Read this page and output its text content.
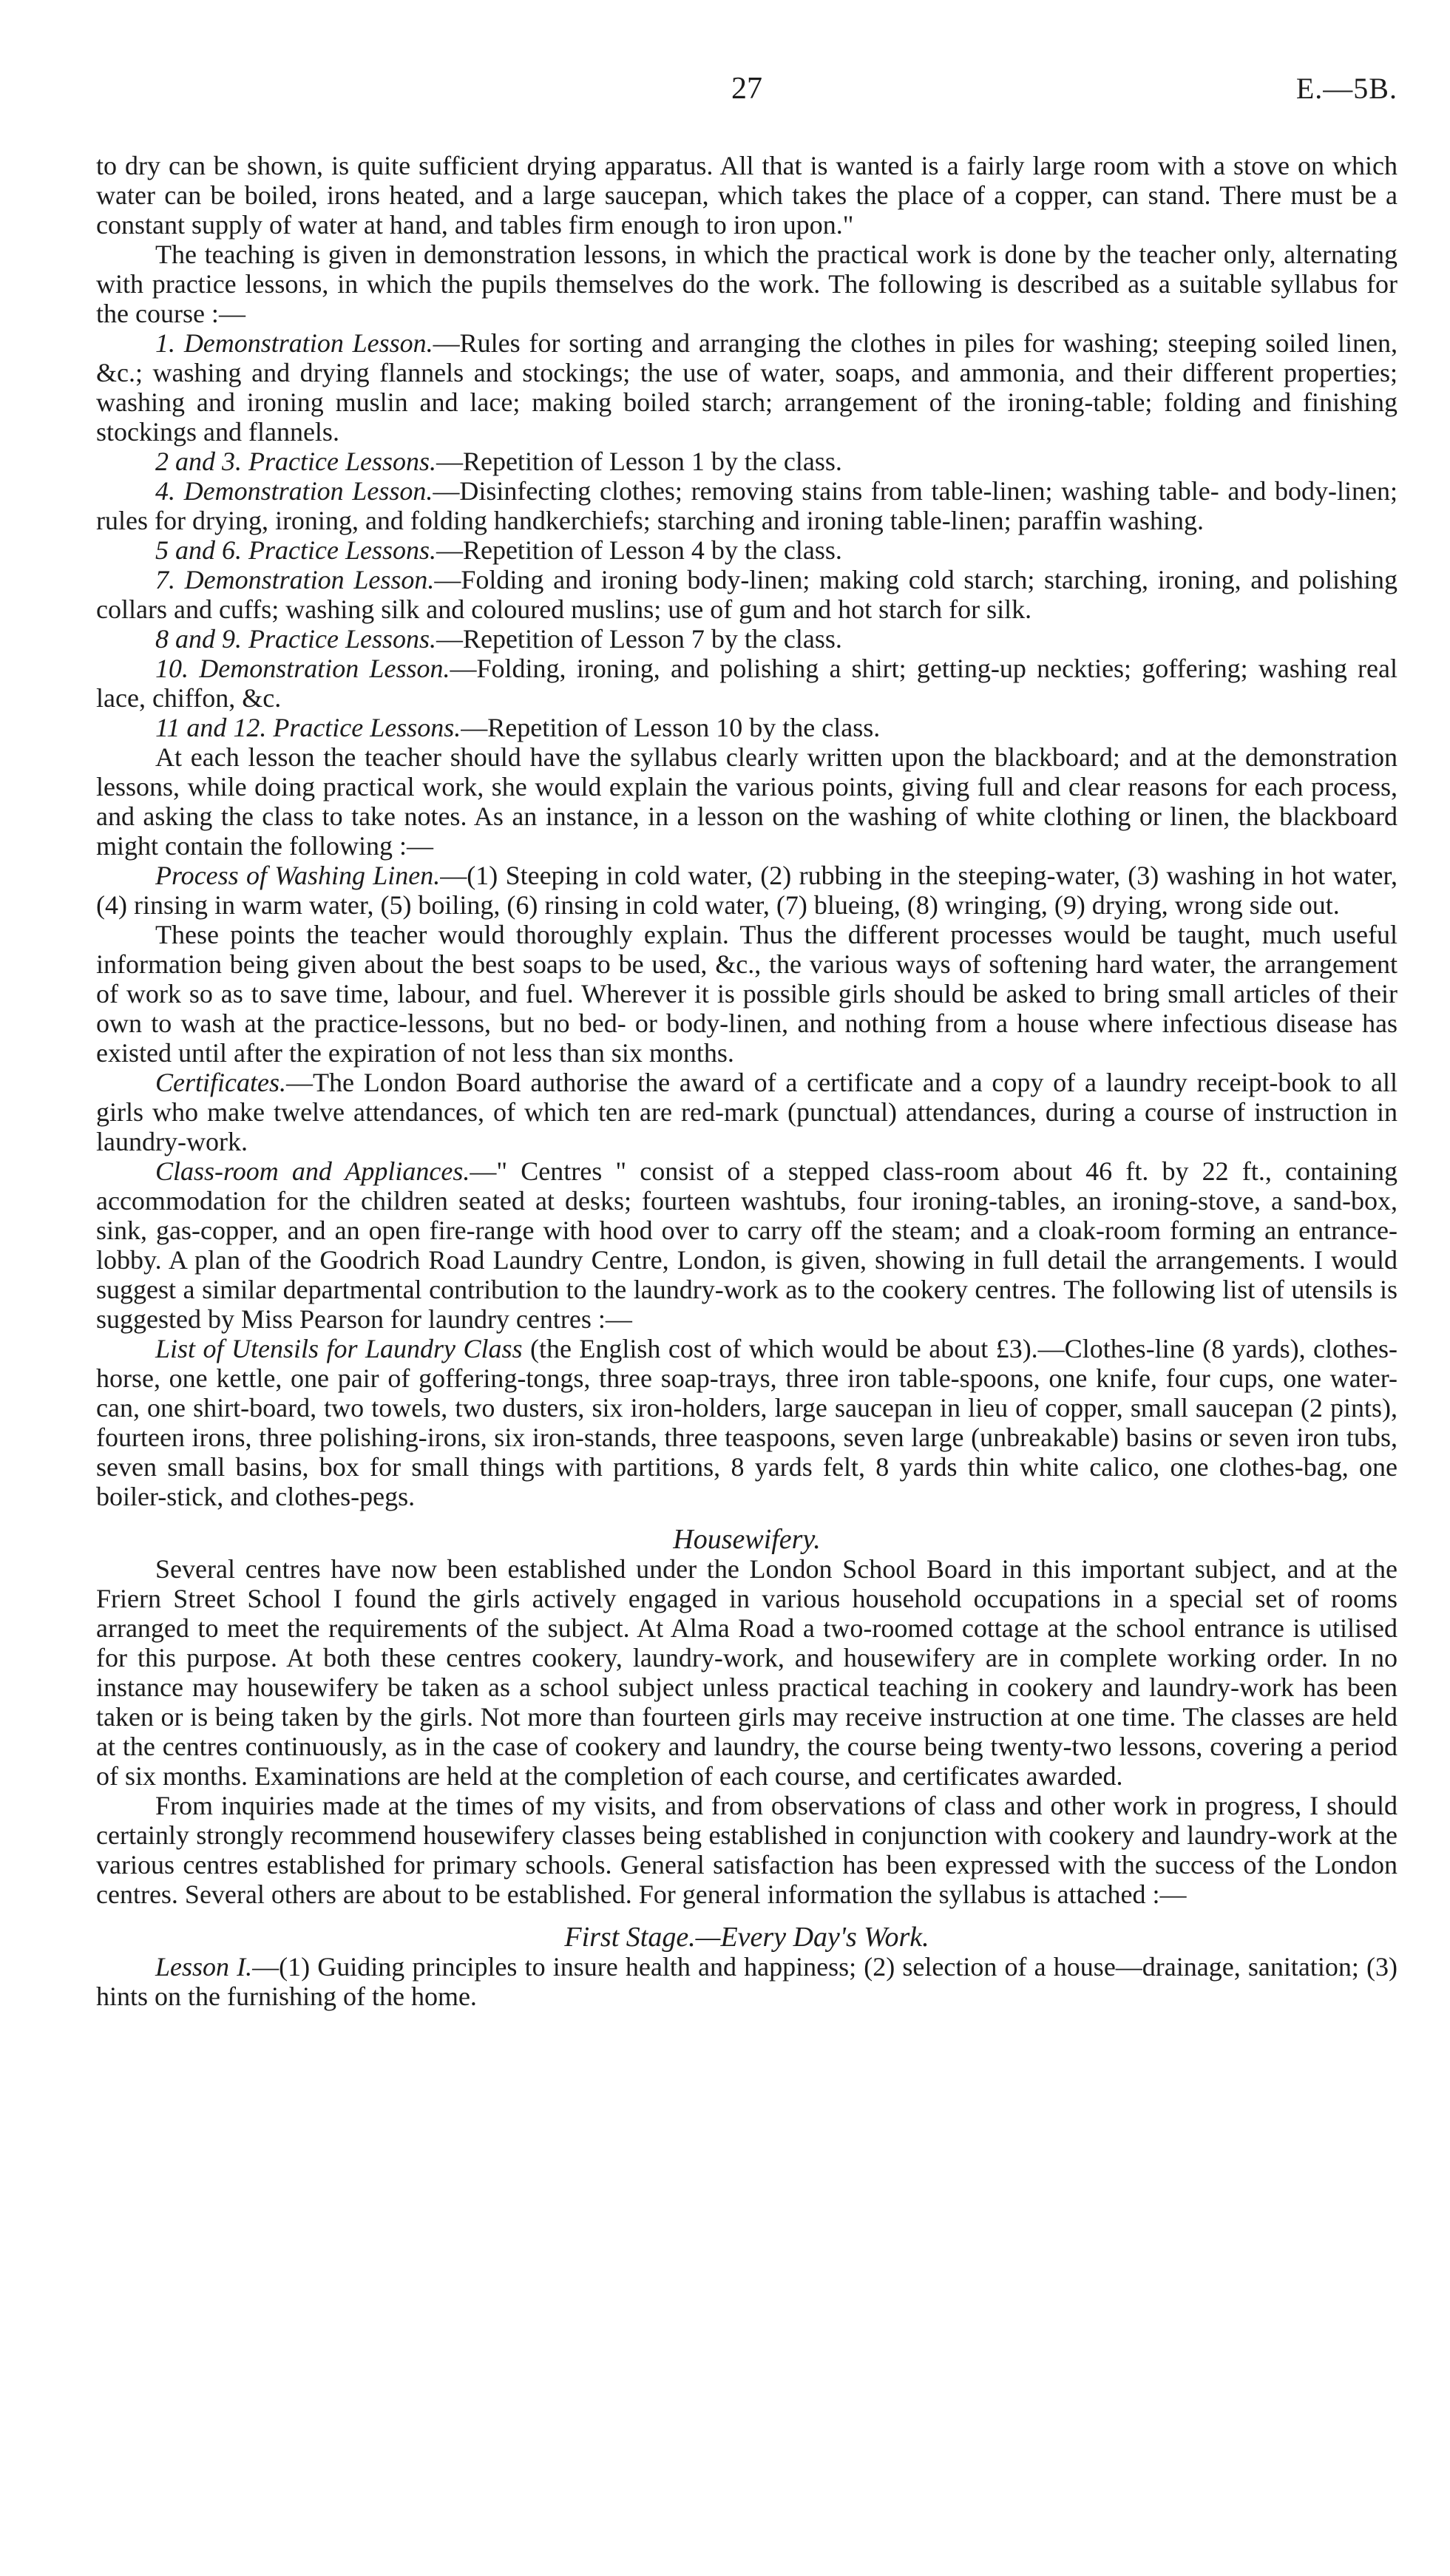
27	E.—5B.

to dry can be shown, is quite sufficient drying apparatus. All that is wanted is a fairly large room with a stove on which water can be boiled, irons heated, and a large saucepan, which takes the place of a copper, can stand. There must be a constant supply of water at hand, and tables firm enough to iron upon."

The teaching is given in demonstration lessons, in which the practical work is done by the teacher only, alternating with practice lessons, in which the pupils themselves do the work. The following is described as a suitable syllabus for the course :—

1. Demonstration Lesson.—Rules for sorting and arranging the clothes in piles for washing; steeping soiled linen, &c.; washing and drying flannels and stockings; the use of water, soaps, and ammonia, and their different properties; washing and ironing muslin and lace; making boiled starch; arrangement of the ironing-table; folding and finishing stockings and flannels.

2 and 3. Practice Lessons.—Repetition of Lesson 1 by the class.

4. Demonstration Lesson.—Disinfecting clothes; removing stains from table-linen; washing table- and body-linen; rules for drying, ironing, and folding handkerchiefs; starching and ironing table-linen; paraffin washing.

5 and 6. Practice Lessons.—Repetition of Lesson 4 by the class.

7. Demonstration Lesson.—Folding and ironing body-linen; making cold starch; starching, ironing, and polishing collars and cuffs; washing silk and coloured muslins; use of gum and hot starch for silk.

8 and 9. Practice Lessons.—Repetition of Lesson 7 by the class.

10. Demonstration Lesson.—Folding, ironing, and polishing a shirt; getting-up neckties; goffering; washing real lace, chiffon, &c.

11 and 12. Practice Lessons.—Repetition of Lesson 10 by the class.

At each lesson the teacher should have the syllabus clearly written upon the blackboard; and at the demonstration lessons, while doing practical work, she would explain the various points, giving full and clear reasons for each process, and asking the class to take notes. As an instance, in a lesson on the washing of white clothing or linen, the blackboard might contain the following :—

Process of Washing Linen.—(1) Steeping in cold water, (2) rubbing in the steeping-water, (3) washing in hot water, (4) rinsing in warm water, (5) boiling, (6) rinsing in cold water, (7) blueing, (8) wringing, (9) drying, wrong side out.

These points the teacher would thoroughly explain. Thus the different processes would be taught, much useful information being given about the best soaps to be used, &c., the various ways of softening hard water, the arrangement of work so as to save time, labour, and fuel. Wherever it is possible girls should be asked to bring small articles of their own to wash at the practice-lessons, but no bed- or body-linen, and nothing from a house where infectious disease has existed until after the expiration of not less than six months.

Certificates.—The London Board authorise the award of a certificate and a copy of a laundry receipt-book to all girls who make twelve attendances, of which ten are red-mark (punctual) attendances, during a course of instruction in laundry-work.

Class-room and Appliances.—" Centres " consist of a stepped class-room about 46 ft. by 22 ft., containing accommodation for the children seated at desks; fourteen washtubs, four ironing-tables, an ironing-stove, a sand-box, sink, gas-copper, and an open fire-range with hood over to carry off the steam; and a cloak-room forming an entrance-lobby. A plan of the Goodrich Road Laundry Centre, London, is given, showing in full detail the arrangements. I would suggest a similar departmental contribution to the laundry-work as to the cookery centres. The following list of utensils is suggested by Miss Pearson for laundry centres :—

List of Utensils for Laundry Class (the English cost of which would be about £3).—Clothes-line (8 yards), clothes-horse, one kettle, one pair of goffering-tongs, three soap-trays, three iron table-spoons, one knife, four cups, one water-can, one shirt-board, two towels, two dusters, six iron-holders, large saucepan in lieu of copper, small saucepan (2 pints), fourteen irons, three polishing-irons, six iron-stands, three teaspoons, seven large (unbreakable) basins or seven iron tubs, seven small basins, box for small things with partitions, 8 yards felt, 8 yards thin white calico, one clothes-bag, one boiler-stick, and clothes-pegs.

Housewifery.

Several centres have now been established under the London School Board in this important subject, and at the Friern Street School I found the girls actively engaged in various household occupations in a special set of rooms arranged to meet the requirements of the subject. At Alma Road a two-roomed cottage at the school entrance is utilised for this purpose. At both these centres cookery, laundry-work, and housewifery are in complete working order. In no instance may housewifery be taken as a school subject unless practical teaching in cookery and laundry-work has been taken or is being taken by the girls. Not more than fourteen girls may receive instruction at one time. The classes are held at the centres continuously, as in the case of cookery and laundry, the course being twenty-two lessons, covering a period of six months. Examinations are held at the completion of each course, and certificates awarded.

From inquiries made at the times of my visits, and from observations of class and other work in progress, I should certainly strongly recommend housewifery classes being established in conjunction with cookery and laundry-work at the various centres established for primary schools. General satisfaction has been expressed with the success of the London centres. Several others are about to be established. For general information the syllabus is attached :—

First Stage.—Every Day's Work.

Lesson I.—(1) Guiding principles to insure health and happiness; (2) selection of a house—drainage, sanitation; (3) hints on the furnishing of the home.
